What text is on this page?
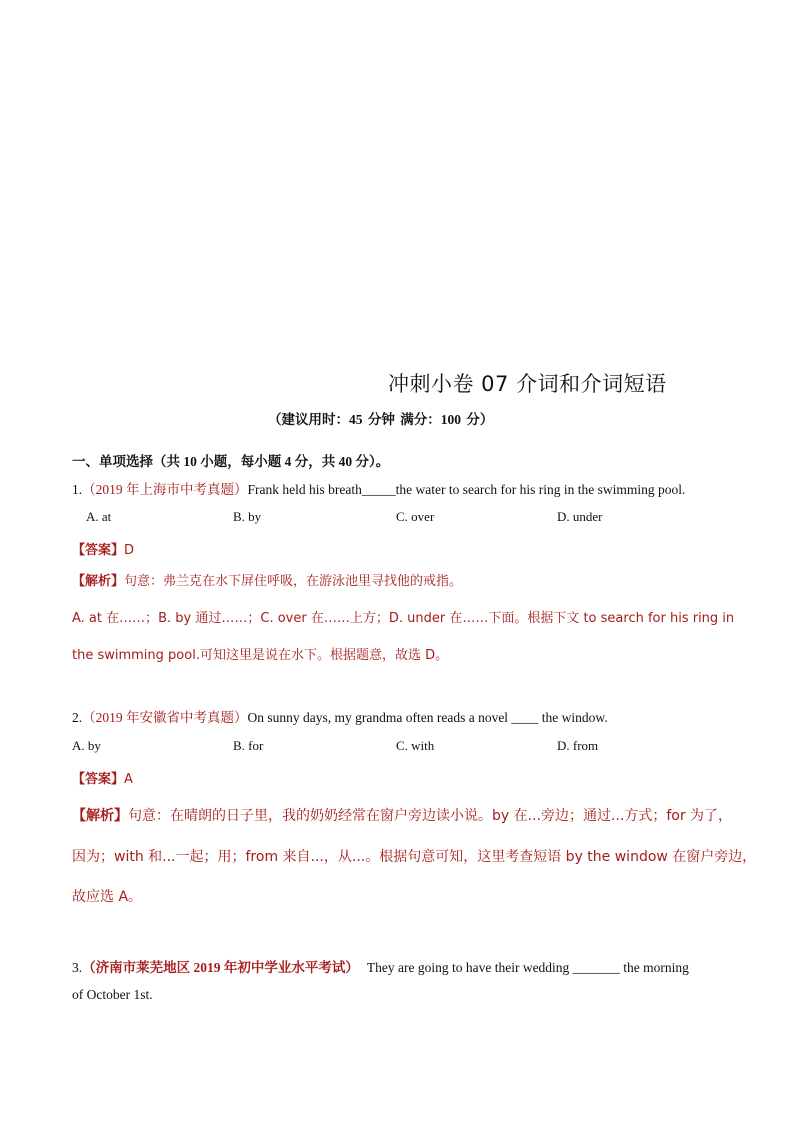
冲刺小卷 07 介词和介词短语
（建议用时：45 分钟 满分：100 分）
一、单项选择（共 10 小题，每小题 4 分，共 40 分）。
1.（2019 年上海市中考真题）Frank held his breath_____the water to search for his ring in the swimming pool.
A. at	B. by	C. over	D. under
【答案】D
【解析】句意：弗兰克在水下屏住呼吸，在游泳池里寻找他的戒指。
A. at 在……；B. by 通过……；C. over 在……上方；D. under 在……下面。根据下文 to search for his ring in
the swimming pool.可知这里是说在水下。根据题意，故选 D。
2.（2019 年安徽省中考真题）On sunny days, my grandma often reads a novel ____ the window.
A. by	B. for	C. with	D. from
【答案】A
【解析】句意：在晴朗的日子里，我的奶奶经常在窗户旁边读小说。by 在...旁边；通过...方式；for 为了，
因为；with 和...一起；用；from 来自...，从...。根据句意可知，这里考查短语 by the window 在窗户旁边，
故应选 A。
3.（济南市莱芜地区 2019 年初中学业水平考试） They are going to have their wedding _______ the morning
of October 1st.
